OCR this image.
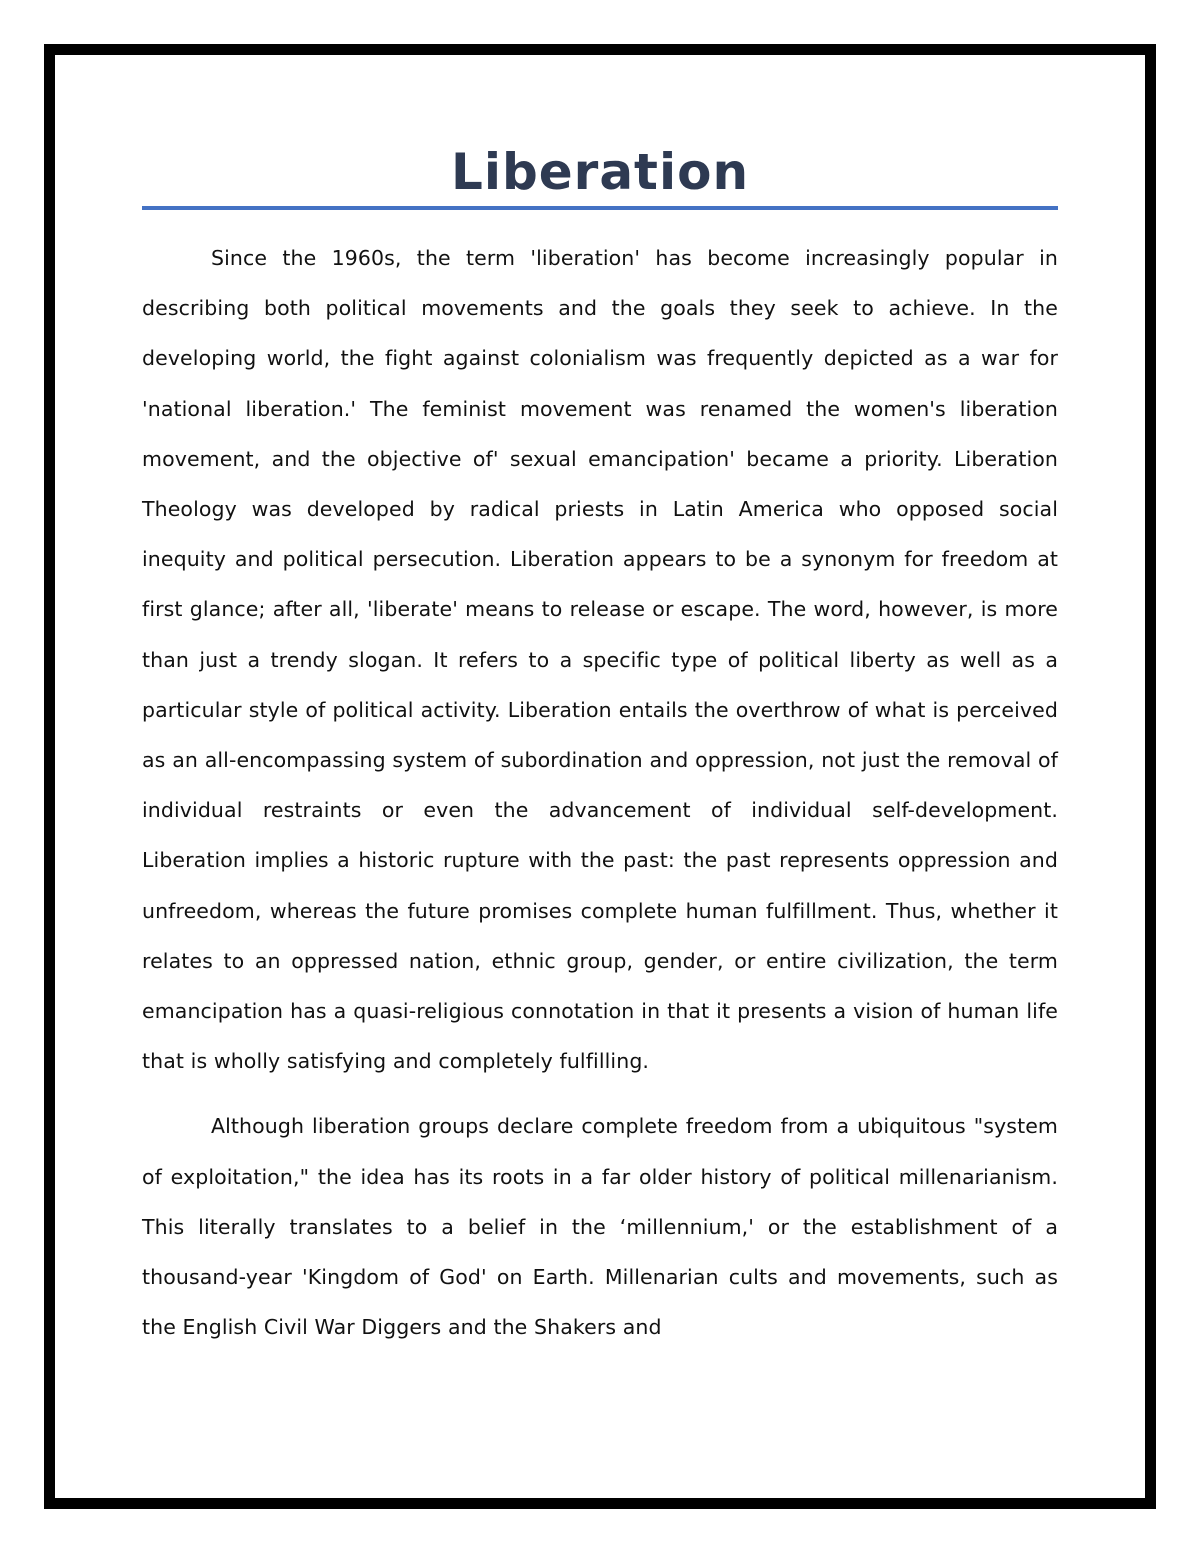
Liberation

Since the 1960s, the term 'liberation' has become increasingly popular in describing both political movements and the goals they seek to achieve. In the developing world, the fight against colonialism was frequently depicted as a war for 'national liberation.' The feminist movement was renamed the women's liberation movement, and the objective of' sexual emancipation' became a priority. Liberation Theology was developed by radical priests in Latin America who opposed social inequity and political persecution. Liberation appears to be a synonym for freedom at first glance; after all, 'liberate' means to release or escape. The word, however, is more than just a trendy slogan. It refers to a specific type of political liberty as well as a particular style of political activity. Liberation entails the overthrow of what is perceived as an all-encompassing system of subordination and oppression, not just the removal of individual restraints or even the advancement of individual self-development. Liberation implies a historic rupture with the past: the past represents oppression and unfreedom, whereas the future promises complete human fulfillment. Thus, whether it relates to an oppressed nation, ethnic group, gender, or entire civilization, the term emancipation has a quasi-religious connotation in that it presents a vision of human life that is wholly satisfying and completely fulfilling.

Although liberation groups declare complete freedom from a ubiquitous "system of exploitation," the idea has its roots in a far older history of political millenarianism. This literally translates to a belief in the ‘millennium,' or the establishment of a thousand-year 'Kingdom of God' on Earth. Millenarian cults and movements, such as the English Civil War Diggers and the Shakers and
